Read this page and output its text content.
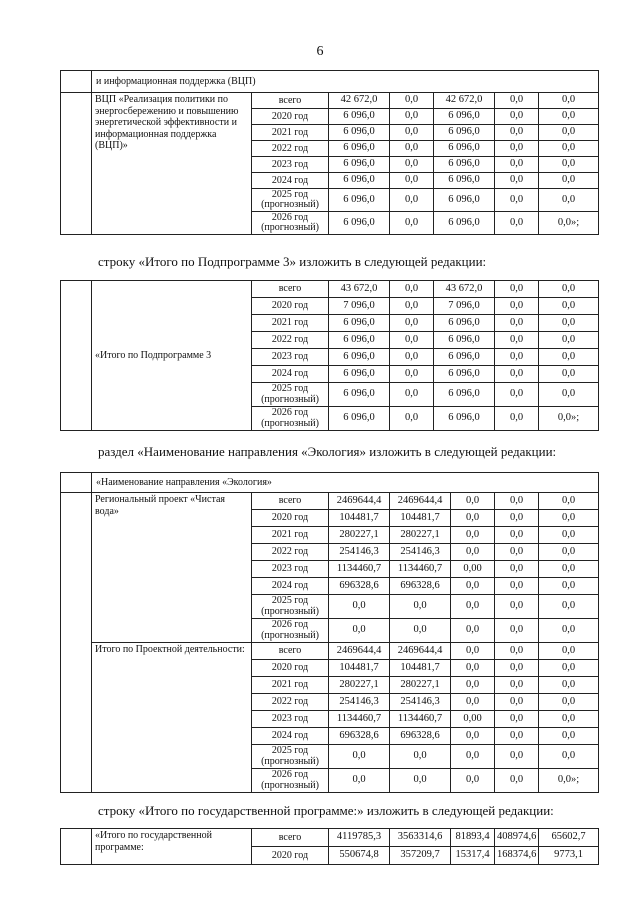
6
	и информационная поддержка (ВЦП)						
	ВЦП «Реализация политики по энергосбережению и повышению энергетической эффективности и информационная поддержка (ВЦП)»	всего	42 672,0	0,0	42 672,0	0,0	0,0
		2020 год	6 096,0	0,0	6 096,0	0,0	0,0
		2021 год	6 096,0	0,0	6 096,0	0,0	0,0
		2022 год	6 096,0	0,0	6 096,0	0,0	0,0
		2023 год	6 096,0	0,0	6 096,0	0,0	0,0
		2024 год	6 096,0	0,0	6 096,0	0,0	0,0
		2025 год (прогнозный)	6 096,0	0,0	6 096,0	0,0	0,0
		2026 год (прогнозный)	6 096,0	0,0	6 096,0	0,0	0,0»;
строку «Итого по Подпрограмме 3» изложить в следующей редакции:
	«Итого по Подпрограмме 3	всего	43 672,0	0,0	43 672,0	0,0	0,0
		2020 год	7 096,0	0,0	7 096,0	0,0	0,0
		2021 год	6 096,0	0,0	6 096,0	0,0	0,0
		2022 год	6 096,0	0,0	6 096,0	0,0	0,0
		2023 год	6 096,0	0,0	6 096,0	0,0	0,0
		2024 год	6 096,0	0,0	6 096,0	0,0	0,0
		2025 год (прогнозный)	6 096,0	0,0	6 096,0	0,0	0,0
		2026 год (прогнозный)	6 096,0	0,0	6 096,0	0,0	0,0»;
раздел «Наименование направления «Экология» изложить в следующей редакции:
	«Наименование направления «Экология»						
	Региональный проект «Чистая вода»	всего	2469644,4	2469644,4	0,0	0,0	0,0
		2020 год	104481,7	104481,7	0,0	0,0	0,0
		2021 год	280227,1	280227,1	0,0	0,0	0,0
		2022 год	254146,3	254146,3	0,0	0,0	0,0
		2023 год	1134460,7	1134460,7	0,00	0,0	0,0
		2024 год	696328,6	696328,6	0,0	0,0	0,0
		2025 год (прогнозный)	0,0	0,0	0,0	0,0	0,0
		2026 год (прогнозный)	0,0	0,0	0,0	0,0	0,0
	Итого по Проектной деятельности:	всего	2469644,4	2469644,4	0,0	0,0	0,0
		2020 год	104481,7	104481,7	0,0	0,0	0,0
		2021 год	280227,1	280227,1	0,0	0,0	0,0
		2022 год	254146,3	254146,3	0,0	0,0	0,0
		2023 год	1134460,7	1134460,7	0,00	0,0	0,0
		2024 год	696328,6	696328,6	0,0	0,0	0,0
		2025 год (прогнозный)	0,0	0,0	0,0	0,0	0,0
		2026 год (прогнозный)	0,0	0,0	0,0	0,0	0,0»;
строку «Итого по государственной программе:» изложить в следующей редакции:
	«Итого по государственной программе:	всего	4119785,3	3563314,6	81893,4	408974,6	65602,7
		2020 год	550674,8	357209,7	15317,4	168374,6	9773,1
